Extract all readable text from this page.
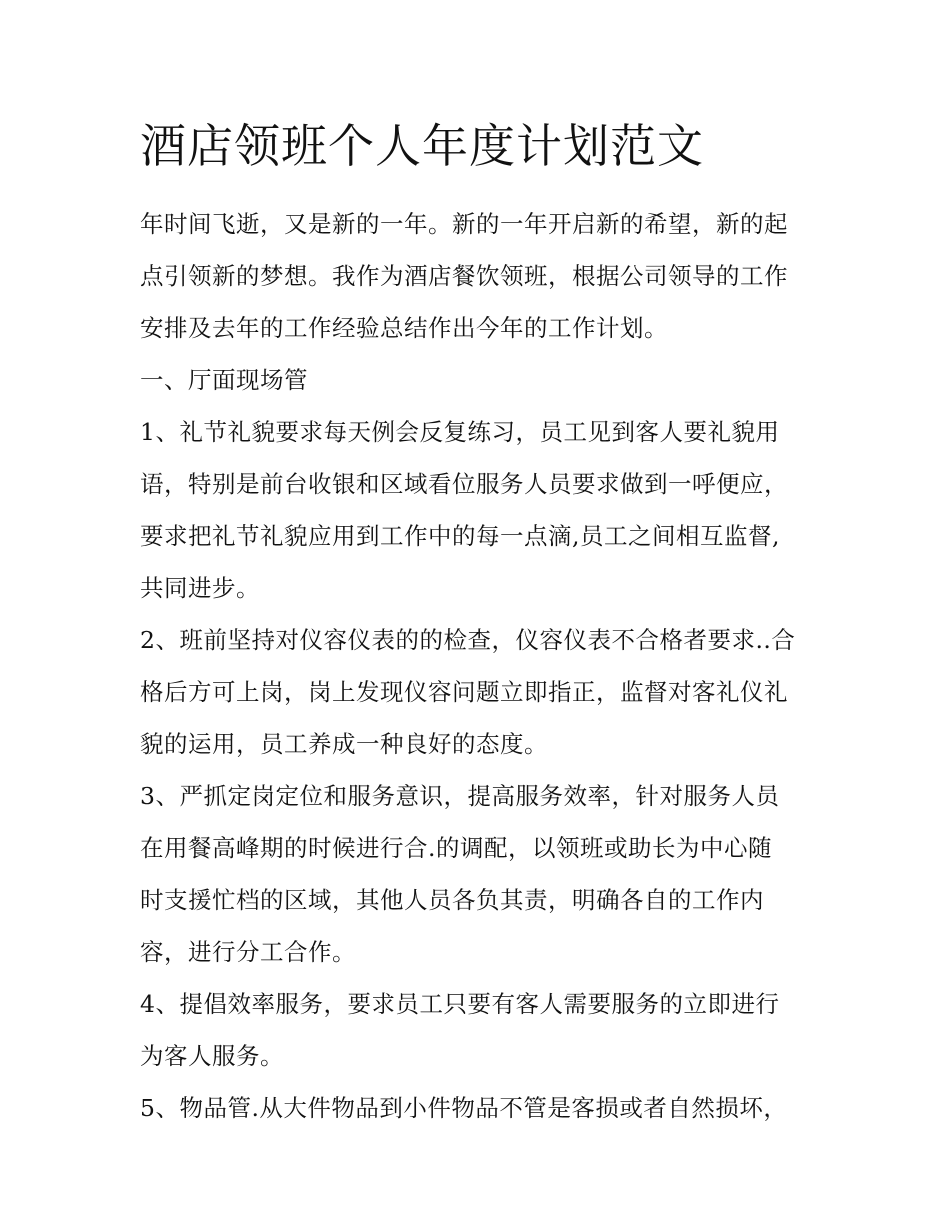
酒店领班个人年度计划范文
年时间飞逝，又是新的一年。新的一年开启新的希望，新的起
点引领新的梦想。我作为酒店餐饮领班，根据公司领导的工作
安排及去年的工作经验总结作出今年的工作计划。
一、厅面现场管
1、礼节礼貌要求每天例会反复练习，员工见到客人要礼貌用
语，特别是前台收银和区域看位服务人员要求做到一呼便应，
要求把礼节礼貌应用到工作中的每一点滴,员工之间相互监督,
共同进步。
2、班前坚持对仪容仪表的的检查，仪容仪表不合格者要求..合
格后方可上岗，岗上发现仪容问题立即指正，监督对客礼仪礼
貌的运用，员工养成一种良好的态度。
3、严抓定岗定位和服务意识，提高服务效率，针对服务人员
在用餐高峰期的时候进行合.的调配，以领班或助长为中心随
时支援忙档的区域，其他人员各负其责，明确各自的工作内
容，进行分工合作。
4、提倡效率服务，要求员工只要有客人需要服务的立即进行
为客人服务。
5、物品管.从大件物品到小件物品不管是客损或者自然损坏，
